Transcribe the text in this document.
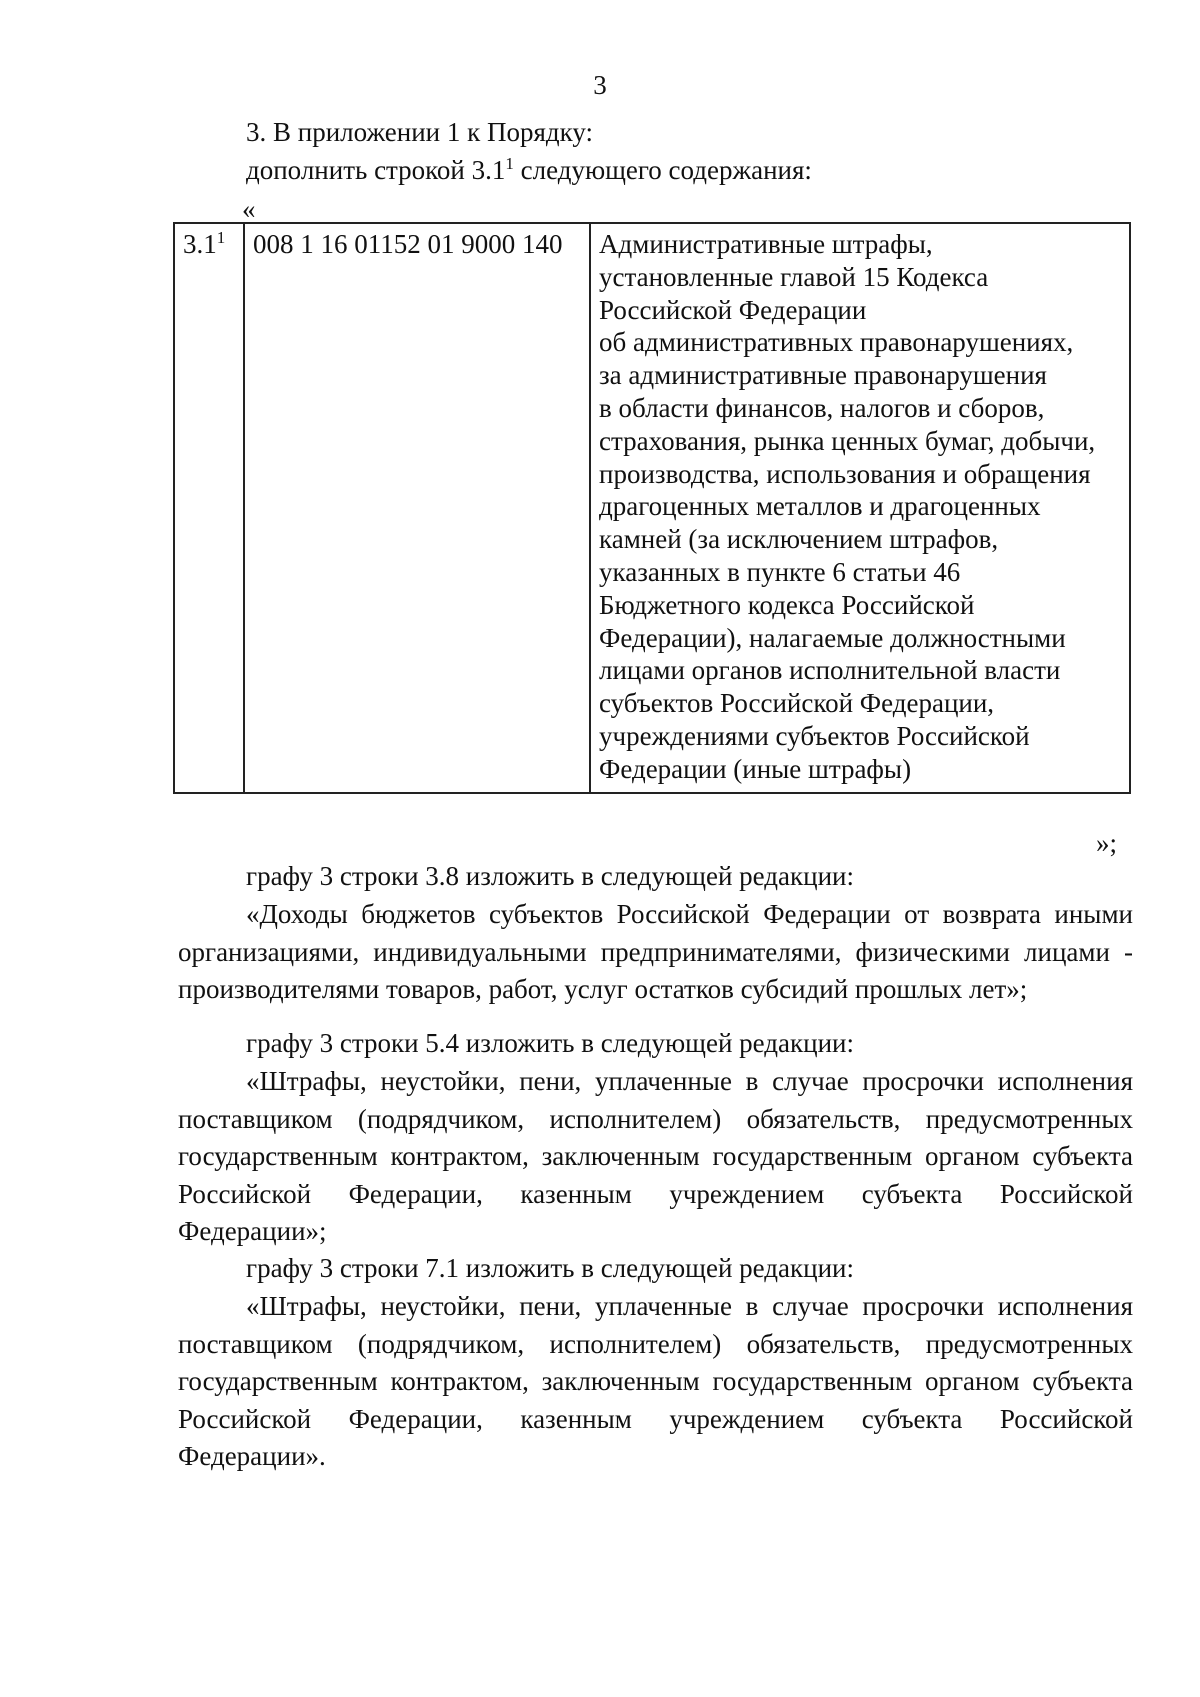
3
3. В приложении 1 к Порядку:
дополнить строкой $3.1^1$ следующего содержания:
«
$3.1^1$	008 1 16 01152 01 9000 140	Административные штрафы,
установленные главой 15 Кодекса
Российской Федерации
об административных правонарушениях,
за административные правонарушения
в области финансов, налогов и сборов,
страхования, рынка ценных бумаг, добычи,
производства, использования и обращения
драгоценных металлов и драгоценных
камней (за исключением штрафов,
указанных в пункте 6 статьи 46
Бюджетного кодекса Российской
Федерации), налагаемые должностными
лицами органов исполнительной власти
субъектов Российской Федерации,
учреждениями субъектов Российской
Федерации (иные штрафы)
»;
графу 3 строки 3.8 изложить в следующей редакции:

«Доходы бюджетов субъектов Российской Федерации от возврата иными организациями, индивидуальными предпринимателями, физическими лицами - производителями товаров, работ, услуг остатков субсидий прошлых лет»;

графу 3 строки 5.4 изложить в следующей редакции:

«Штрафы, неустойки, пени, уплаченные в случае просрочки исполнения поставщиком (подрядчиком, исполнителем) обязательств, предусмотренных государственным контрактом, заключенным государственным органом субъекта Российской Федерации, казенным учреждением субъекта Российской Федерации»;

графу 3 строки 7.1 изложить в следующей редакции:

«Штрафы, неустойки, пени, уплаченные в случае просрочки исполнения поставщиком (подрядчиком, исполнителем) обязательств, предусмотренных государственным контрактом, заключенным государственным органом субъекта Российской Федерации, казенным учреждением субъекта Российской Федерации».
